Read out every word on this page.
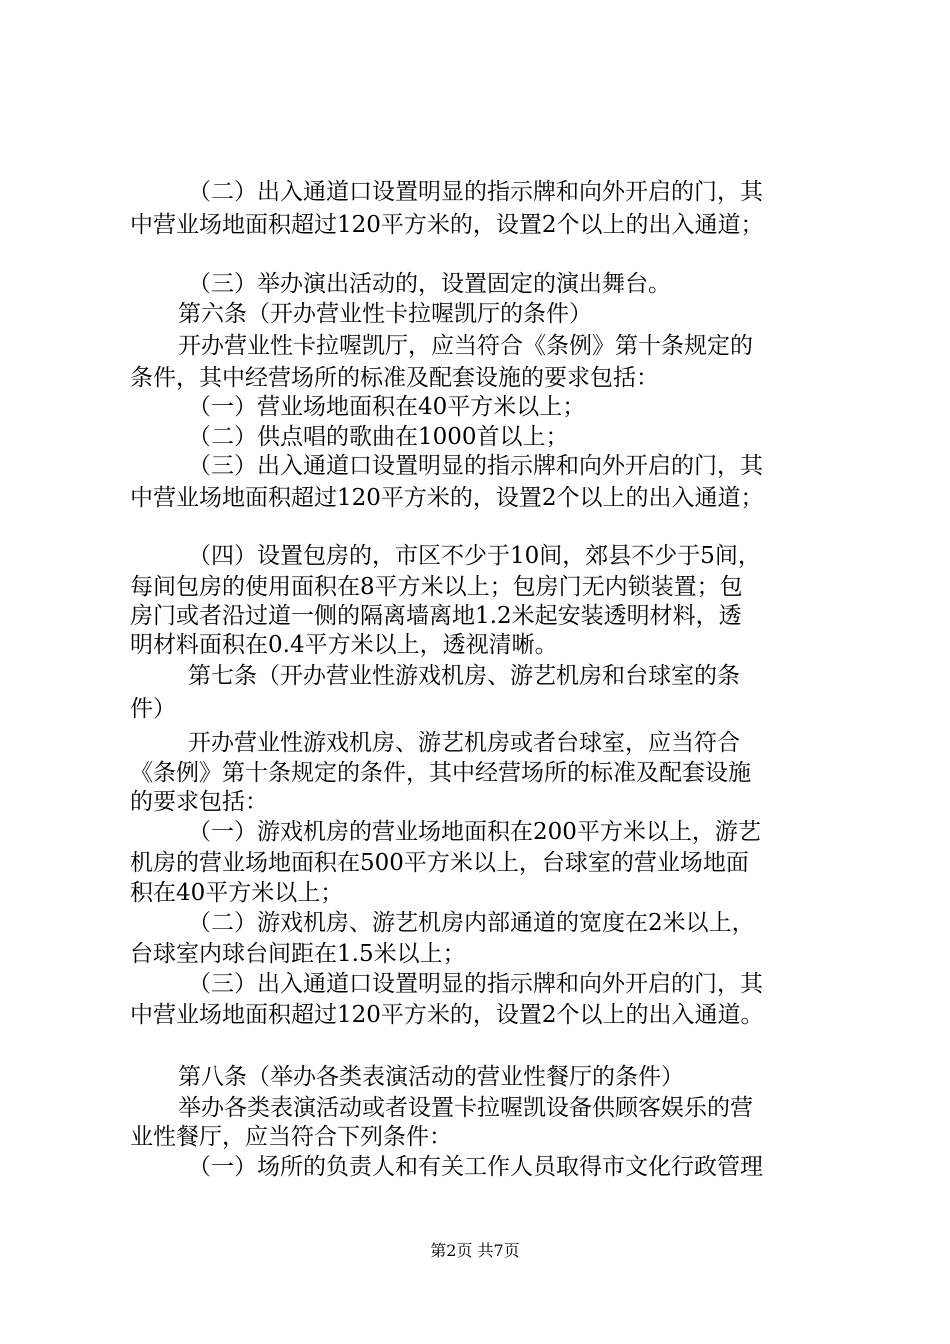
（二）出入通道口设置明显的指示牌和向外开启的门，其
中营业场地面积超过120平方米的，设置2个以上的出入通道；
（三）举办演出活动的，设置固定的演出舞台。
第六条（开办营业性卡拉喔凯厅的条件）
开办营业性卡拉喔凯厅，应当符合《条例》第十条规定的
条件，其中经营场所的标准及配套设施的要求包括：
（一）营业场地面积在40平方米以上；
（二）供点唱的歌曲在1000首以上；
（三）出入通道口设置明显的指示牌和向外开启的门，其
中营业场地面积超过120平方米的，设置2个以上的出入通道；
（四）设置包房的，市区不少于10间，郊县不少于5间，
每间包房的使用面积在8平方米以上；包房门无内锁装置；包
房门或者沿过道一侧的隔离墙离地1.2米起安装透明材料，透
明材料面积在0.4平方米以上，透视清晰。
第七条（开办营业性游戏机房、游艺机房和台球室的条
件）
开办营业性游戏机房、游艺机房或者台球室，应当符合
《条例》第十条规定的条件，其中经营场所的标准及配套设施
的要求包括：
（一）游戏机房的营业场地面积在200平方米以上，游艺
机房的营业场地面积在500平方米以上，台球室的营业场地面
积在40平方米以上；
（二）游戏机房、游艺机房内部通道的宽度在2米以上，
台球室内球台间距在1.5米以上；
（三）出入通道口设置明显的指示牌和向外开启的门，其
中营业场地面积超过120平方米的，设置2个以上的出入通道。
第八条（举办各类表演活动的营业性餐厅的条件）
举办各类表演活动或者设置卡拉喔凯设备供顾客娱乐的营
业性餐厅，应当符合下列条件：
（一）场所的负责人和有关工作人员取得市文化行政管理
第2页 共7页
